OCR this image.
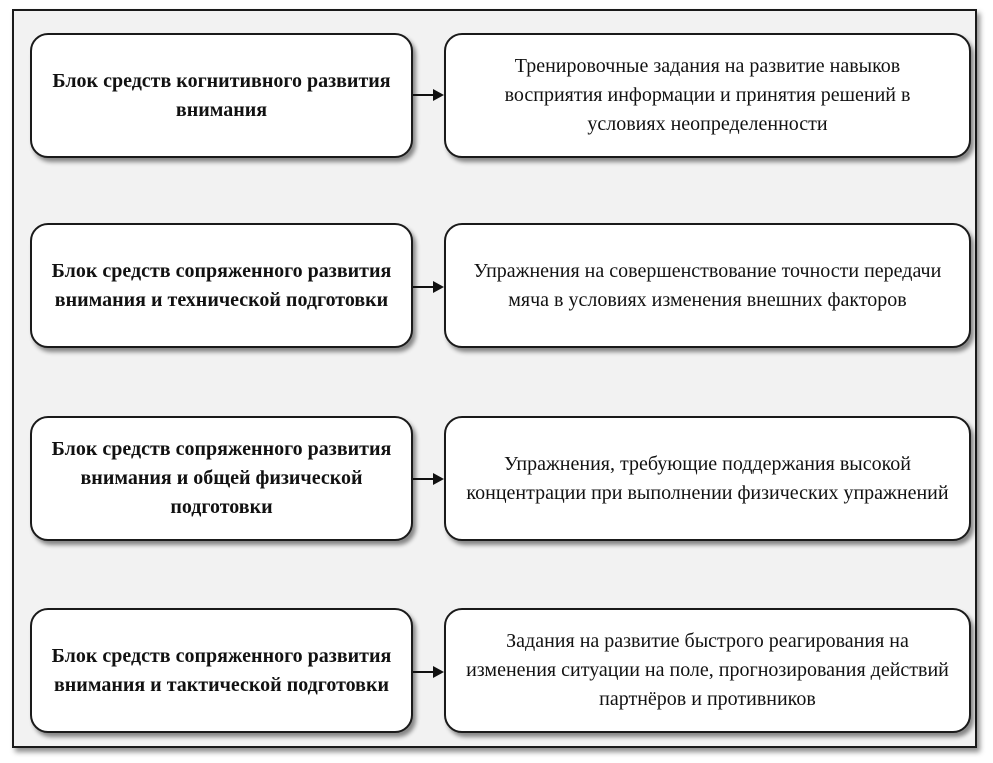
Блок средств когнитивного развития внимания
Тренировочные задания на развитие навыков восприятия информации и принятия решений в условиях неопределенности
Блок средств сопряженного развития внимания и технической подготовки
Упражнения на совершенствование точности передачи мяча в условиях изменения внешних факторов
Блок средств сопряженного развития внимания и общей физической подготовки
Упражнения, требующие поддержания высокой концентрации при выполнении физических упражнений
Блок средств сопряженного развития внимания и тактической подготовки
Задания на развитие быстрого реагирования на изменения ситуации на поле, прогнозирования действий партнёров и противников
